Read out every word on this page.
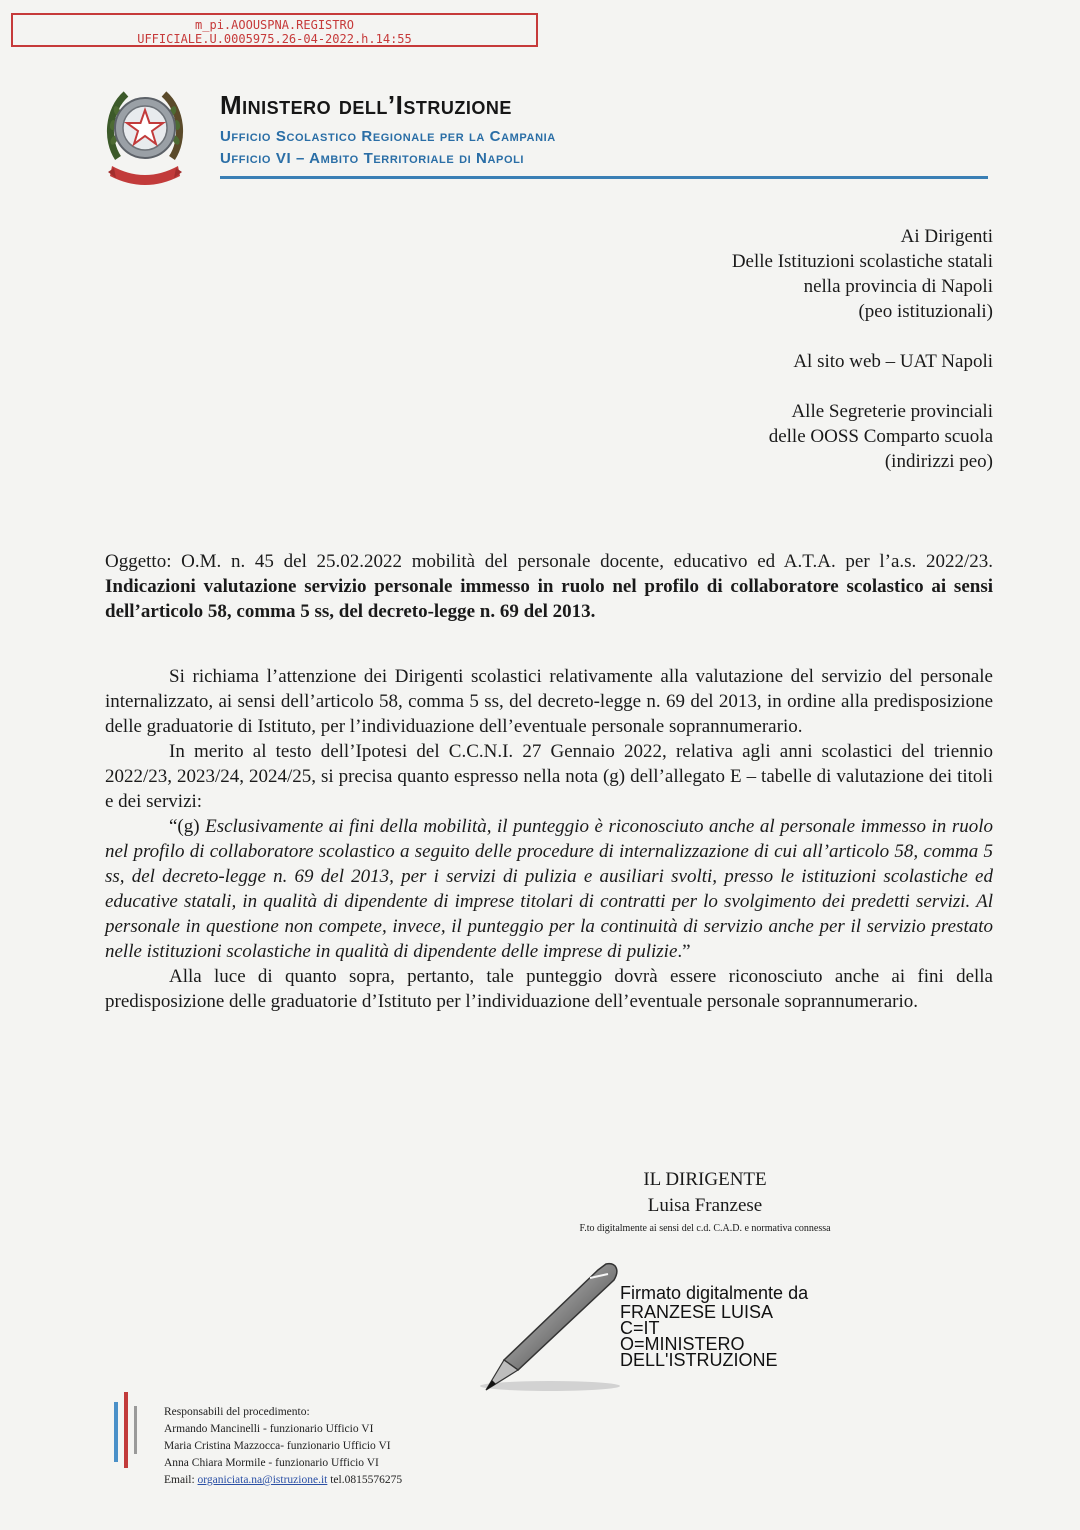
m_pi.AOOUSPNA.REGISTRO
UFFICIALE.U.0005975.26-04-2022.h.14:55
Ministero dell’Istruzione
Ufficio Scolastico Regionale per la Campania
Ufficio VI – Ambito Territoriale di Napoli
Ai Dirigenti
Delle Istituzioni scolastiche statali
nella provincia di Napoli
(peo istituzionali)
Al sito web – UAT Napoli
Alle Segreterie provinciali
delle OOSS Comparto scuola
(indirizzi peo)
Oggetto: O.M. n. 45 del 25.02.2022 mobilità del personale docente, educativo ed A.T.A. per l’a.s. 2022/23. Indicazioni valutazione servizio personale immesso in ruolo nel profilo di collaboratore scolastico ai sensi dell’articolo 58, comma 5 ss, del decreto-legge n. 69 del 2013.

Si richiama l’attenzione dei Dirigenti scolastici relativamente alla valutazione del servizio del personale internalizzato, ai sensi dell’articolo 58, comma 5 ss, del decreto-legge n. 69 del 2013, in ordine alla predisposizione delle graduatorie di Istituto, per l’individuazione dell’eventuale personale soprannumerario.

In merito al testo dell’Ipotesi del C.C.N.I. 27 Gennaio 2022, relativa agli anni scolastici del triennio 2022/23, 2023/24, 2024/25, si precisa quanto espresso nella nota (g) dell’allegato E – tabelle di valutazione dei titoli e dei servizi:

“(g) Esclusivamente ai fini della mobilità, il punteggio è riconosciuto anche al personale immesso in ruolo nel profilo di collaboratore scolastico a seguito delle procedure di internalizzazione di cui all’articolo 58, comma 5 ss, del decreto-legge n. 69 del 2013, per i servizi di pulizia e ausiliari svolti, presso le istituzioni scolastiche ed educative statali, in qualità di dipendente di imprese titolari di contratti per lo svolgimento dei predetti servizi. Al personale in questione non compete, invece, il punteggio per la continuità di servizio anche per il servizio prestato nelle istituzioni scolastiche in qualità di dipendente delle imprese di pulizie.”

Alla luce di quanto sopra, pertanto, tale punteggio dovrà essere riconosciuto anche ai fini della predisposizione delle graduatorie d’Istituto per l’individuazione dell’eventuale personale soprannumerario.

IL DIRIGENTE
Luisa Franzese
F.to digitalmente ai sensi del c.d. C.A.D. e normativa connessa
Firmato digitalmente da
FRANZESE LUISA
C=IT
O=MINISTERO
DELL'ISTRUZIONE
Responsabili del procedimento:
Armando Mancinelli - funzionario Ufficio VI
Maria Cristina Mazzocca- funzionario Ufficio VI
Anna Chiara Mormile - funzionario Ufficio VI
Email: organiciata.na@istruzione.it tel.0815576275
